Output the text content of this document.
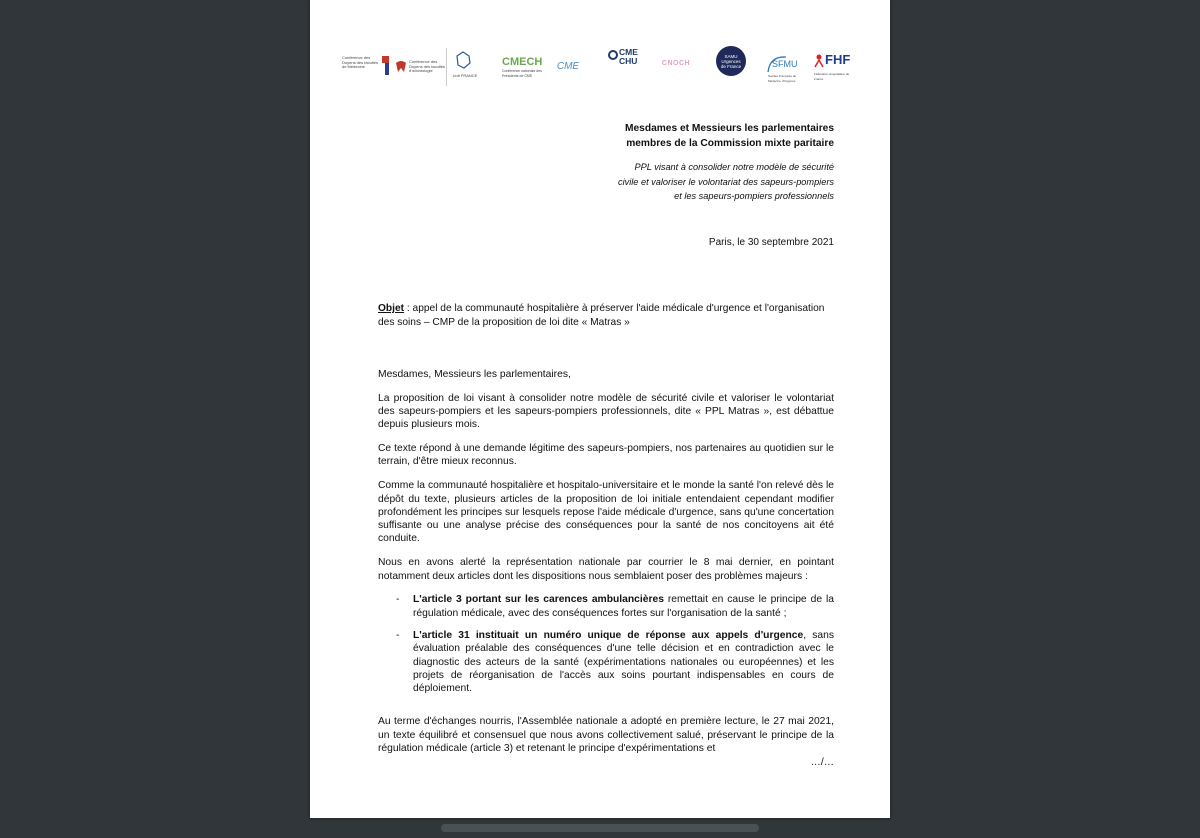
Conférence des Doyens des facultés de Médecine
Conférence des Doyens des facultés d'odontologie
Unit FRANCE
CMECH
Conférence nationale des Présidents de CME
CME
CME CHU	CNOCH
SAMU Urgences de France	SFMU
Société Française de Médecine d'Urgence
FHF
Fédération Hospitalière de France
Mesdames et Messieurs les parlementaires
membres de la Commission mixte paritaire
PPL visant à consolider notre modèle de sécurité civile et valoriser le volontariat des sapeurs-pompiers et les sapeurs-pompiers professionnels
Paris, le 30 septembre 2021
Objet : appel de la communauté hospitalière à préserver l'aide médicale d'urgence et l'organisation des soins – CMP de la proposition de loi dite « Matras »

Mesdames, Messieurs les parlementaires,

La proposition de loi visant à consolider notre modèle de sécurité civile et valoriser le volontariat des sapeurs-pompiers et les sapeurs-pompiers professionnels, dite « PPL Matras », est débattue depuis plusieurs mois.

Ce texte répond à une demande légitime des sapeurs-pompiers, nos partenaires au quotidien sur le terrain, d'être mieux reconnus.

Comme la communauté hospitalière et hospitalo-universitaire et le monde la santé l'on relevé dès le dépôt du texte, plusieurs articles de la proposition de loi initiale entendaient cependant modifier profondément les principes sur lesquels repose l'aide médicale d'urgence, sans qu'une concertation suffisante ou une analyse précise des conséquences pour la santé de nos concitoyens ait été conduite.

Nous en avons alerté la représentation nationale par courrier le 8 mai dernier, en pointant notamment deux articles dont les dispositions nous semblaient poser des problèmes majeurs :

- L'article 3 portant sur les carences ambulancières remettait en cause le principe de la régulation médicale, avec des conséquences fortes sur l'organisation de la santé ;
- L'article 31 instituait un numéro unique de réponse aux appels d'urgence, sans évaluation préalable des conséquences d'une telle décision et en contradiction avec le diagnostic des acteurs de la santé (expérimentations nationales ou européennes) et les projets de réorganisation de l'accès aux soins pourtant indispensables en cours de déploiement.

Au terme d'échanges nourris, l'Assemblée nationale a adopté en première lecture, le 27 mai 2021, un texte équilibré et consensuel que nous avons collectivement salué, préservant le principe de la régulation médicale (article 3) et retenant le principe d'expérimentations et

…/…
